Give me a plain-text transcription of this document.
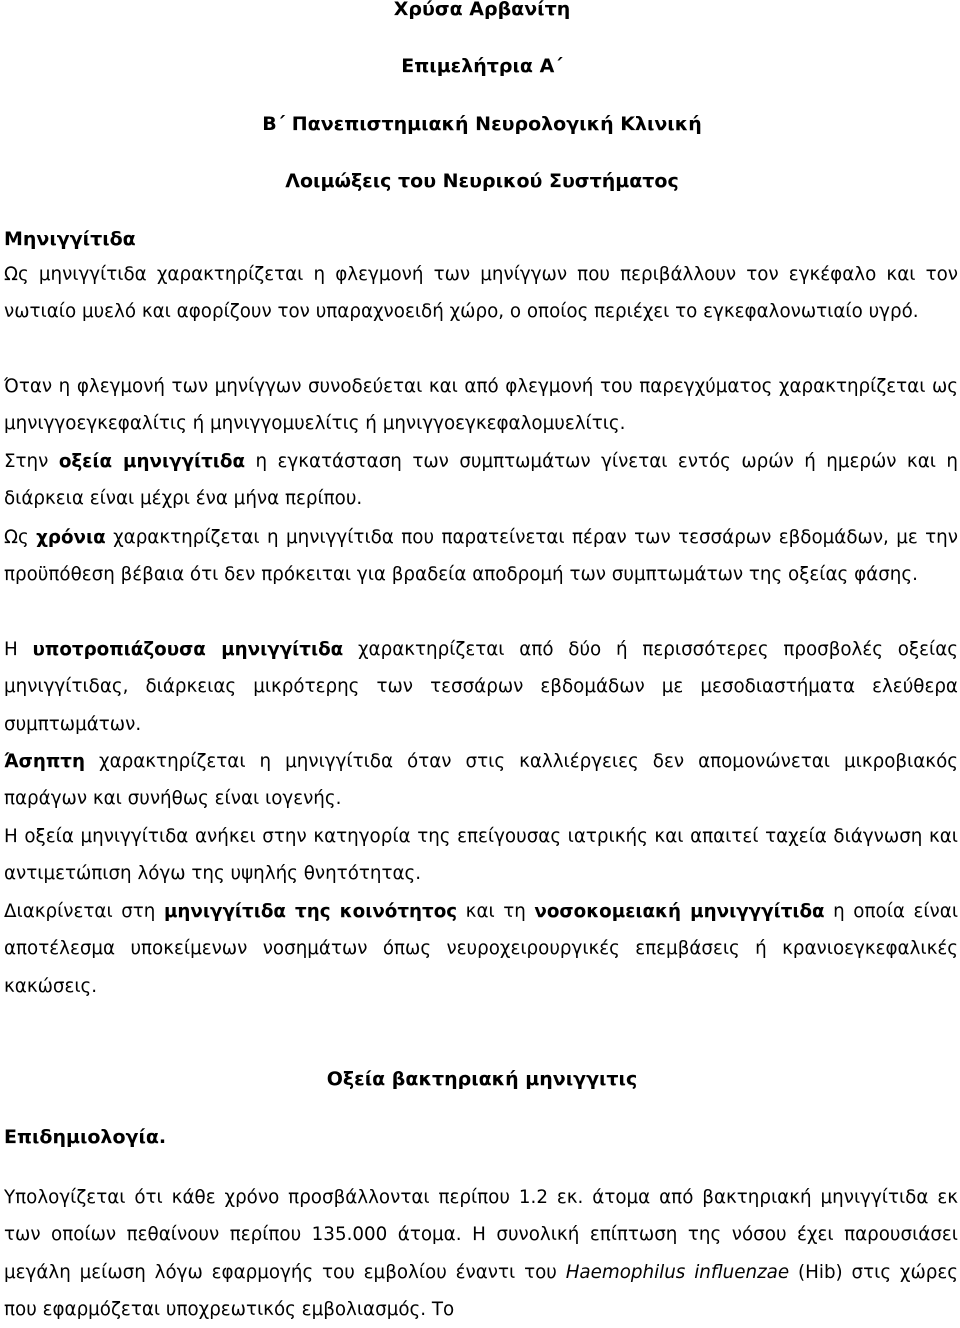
Χρύσα Αρβανίτη
Επιμελήτρια Α΄
Β΄ Πανεπιστημιακή Νευρολογική Κλινική
Λοιμώξεις του Νευρικού Συστήματος
Μηνιγγίτιδα
Ως μηνιγγίτιδα χαρακτηρίζεται η φλεγμονή των μηνίγγων που περιβάλλουν τον εγκέφαλο και τον νωτιαίο μυελό και αφορίζουν τον υπαραχνοειδή χώρο, ο οποίος περιέχει το εγκεφαλονωτιαίο υγρό.
Όταν η φλεγμονή των μηνίγγων συνοδεύεται και από φλεγμονή του παρεγχύματος χαρακτηρίζεται ως μηνιγγοεγκεφαλίτις ή μηνιγγομυελίτις ή μηνιγγοεγκεφαλομυελίτις.
Στην οξεία μηνιγγίτιδα η εγκατάσταση των συμπτωμάτων γίνεται εντός ωρών ή ημερών και η διάρκεια είναι μέχρι ένα μήνα περίπου.
Ως χρόνια χαρακτηρίζεται η μηνιγγίτιδα που παρατείνεται πέραν των τεσσάρων εβδομάδων, με την προϋπόθεση βέβαια ότι δεν πρόκειται για βραδεία αποδρομή των συμπτωμάτων της οξείας φάσης.
Η υποτροπιάζουσα μηνιγγίτιδα χαρακτηρίζεται από δύο ή περισσότερες προσβολές οξείας μηνιγγίτιδας, διάρκειας μικρότερης των τεσσάρων εβδομάδων με μεσοδιαστήματα ελεύθερα συμπτωμάτων.
Άσηπτη χαρακτηρίζεται η μηνιγγίτιδα όταν στις καλλιέργειες δεν απομονώνεται μικροβιακός παράγων και συνήθως είναι ιογενής.
Η οξεία μηνιγγίτιδα ανήκει στην κατηγορία της επείγουσας ιατρικής και απαιτεί ταχεία διάγνωση και αντιμετώπιση λόγω της υψηλής θνητότητας.
Διακρίνεται στη μηνιγγίτιδα της κοινότητος και τη νοσοκομειακή μηνιγγγίτιδα η οποία είναι αποτέλεσμα υποκείμενων νοσημάτων όπως νευροχειρουργικές επεμβάσεις ή κρανιοεγκεφαλικές κακώσεις.
Οξεία βακτηριακή μηνιγγιτις
Επιδημιολογία.
Υπολογίζεται ότι κάθε χρόνο προσβάλλονται περίπου 1.2 εκ. άτομα από βακτηριακή μηνιγγίτιδα εκ των οποίων πεθαίνουν περίπου 135.000 άτομα. Η συνολική επίπτωση της νόσου έχει παρουσιάσει μεγάλη μείωση λόγω εφαρμογής του εμβολίου έναντι του Haemophilus influenzae (Hib) στις χώρες που εφαρμόζεται υποχρεωτικός εμβολιασμός. Το
